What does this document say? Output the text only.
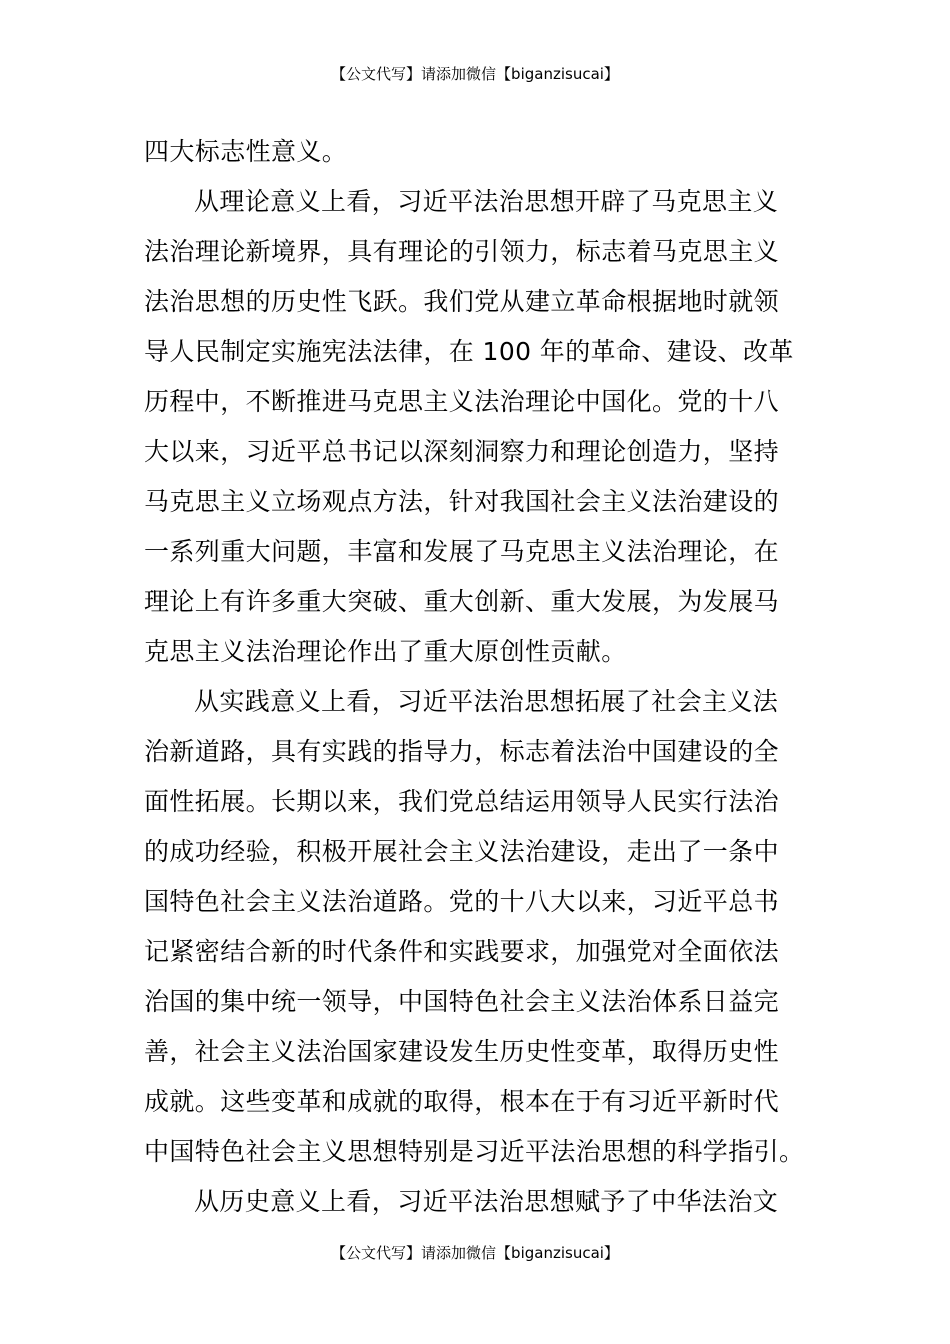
【公文代写】请添加微信【biganzisucai】
四大标志性意义。
从理论意义上看，习近平法治思想开辟了马克思主义
法治理论新境界，具有理论的引领力，标志着马克思主义
法治思想的历史性飞跃。我们党从建立革命根据地时就领
导人民制定实施宪法法律，在 100 年的革命、建设、改革
历程中，不断推进马克思主义法治理论中国化。党的十八
大以来，习近平总书记以深刻洞察力和理论创造力，坚持
马克思主义立场观点方法，针对我国社会主义法治建设的
一系列重大问题，丰富和发展了马克思主义法治理论，在
理论上有许多重大突破、重大创新、重大发展，为发展马
克思主义法治理论作出了重大原创性贡献。
从实践意义上看，习近平法治思想拓展了社会主义法
治新道路，具有实践的指导力，标志着法治中国建设的全
面性拓展。长期以来，我们党总结运用领导人民实行法治
的成功经验，积极开展社会主义法治建设，走出了一条中
国特色社会主义法治道路。党的十八大以来，习近平总书
记紧密结合新的时代条件和实践要求，加强党对全面依法
治国的集中统一领导，中国特色社会主义法治体系日益完
善，社会主义法治国家建设发生历史性变革，取得历史性
成就。这些变革和成就的取得，根本在于有习近平新时代
中国特色社会主义思想特别是习近平法治思想的科学指引。
从历史意义上看，习近平法治思想赋予了中华法治文
【公文代写】请添加微信【biganzisucai】
